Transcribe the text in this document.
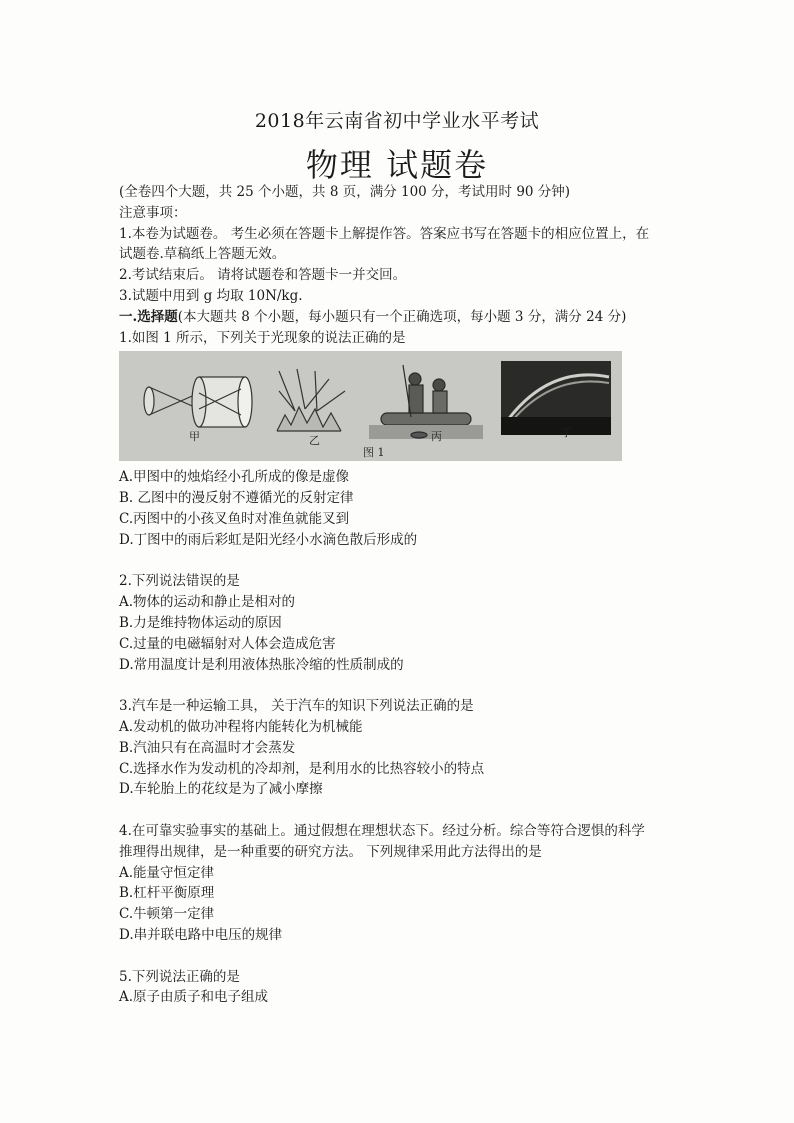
2018年云南省初中学业水平考试
物理 试题卷
(全卷四个大题，共 25 个小题，共 8 页，满分 100 分，考试用时 90 分钟)
注意事项：
1.本卷为试题卷。 考生必须在答题卡上解提作答。答案应书写在答题卡的相应位置上，在
试题卷.草稿纸上答题无效。
2.考试结束后。 请将试题卷和答题卡一并交回。
3.试题中用到 g 均取 10N/kg.
一.选择题(本大题共 8 个小题，每小题只有一个正确选项，每小题 3 分，满分 24 分)
1.如图 1 所示，下列关于光现象的说法正确的是
甲	乙	丙	丁
图 1
A.甲图中的烛焰经小孔所成的像是虚像
B. 乙图中的漫反射不遵循光的反射定律
C.丙图中的小孩叉鱼时对准鱼就能叉到
D.丁图中的雨后彩虹是阳光经小水滴色散后形成的
2.下列说法错误的是
A.物体的运动和静止是相对的
B.力是维持物体运动的原因
C.过量的电磁辐射对人体会造成危害
D.常用温度计是利用液体热胀冷缩的性质制成的
3.汽车是一种运输工具， 关于汽车的知识下列说法正确的是
A.发动机的做功冲程将内能转化为机械能
B.汽油只有在高温时才会蒸发
C.选择水作为发动机的冷却剂，是利用水的比热容较小的特点
D.车轮胎上的花纹是为了减小摩擦
4.在可靠实验事实的基础上。通过假想在理想状态下。经过分析。综合等符合逻惧的科学
推理得出规律，是一种重要的研究方法。 下列规律采用此方法得出的是
A.能量守恒定律
B.杠杆平衡原理
C.牛顿第一定律
D.串并联电路中电压的规律
5.下列说法正确的是
A.原子由质子和电子组成
